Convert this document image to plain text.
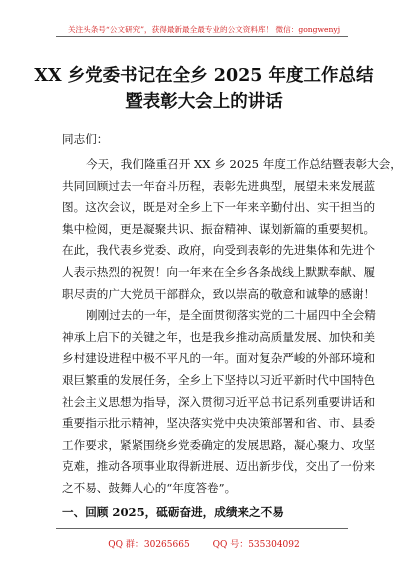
关注头条号“公文研究”，获得最新最全最专业的公文资料库！ 微信：gongwenyj
XX 乡党委书记在全乡 2025 年度工作总结
暨表彰大会上的讲话
同志们：
今天，我们隆重召开 XX 乡 2025 年度工作总结暨表彰大会，
共同回顾过去一年奋斗历程，表彰先进典型，展望未来发展蓝
图。这次会议，既是对全乡上下一年来辛勤付出、实干担当的
集中检阅，更是凝聚共识、振奋精神、谋划新篇的重要契机。
在此，我代表乡党委、政府，向受到表彰的先进集体和先进个
人表示热烈的祝贺！向一年来在全乡各条战线上默默奉献、履
职尽责的广大党员干部群众，致以崇高的敬意和诚挚的感谢！
刚刚过去的一年，是全面贯彻落实党的二十届四中全会精
神承上启下的关键之年，也是我乡推动高质量发展、加快和美
乡村建设进程中极不平凡的一年。面对复杂严峻的外部环境和
艰巨繁重的发展任务，全乡上下坚持以习近平新时代中国特色
社会主义思想为指导，深入贯彻习近平总书记系列重要讲话和
重要指示批示精神，坚决落实党中央决策部署和省、市、县委
工作要求，紧紧围绕乡党委确定的发展思路，凝心聚力、攻坚
克难，推动各项事业取得新进展、迈出新步伐，交出了一份来
一、回顾 2025，砥砺奋进，成绩来之不易
QQ 群：30265665	QQ 号：535304092
之不易、鼓舞人心的“年度答卷”。
